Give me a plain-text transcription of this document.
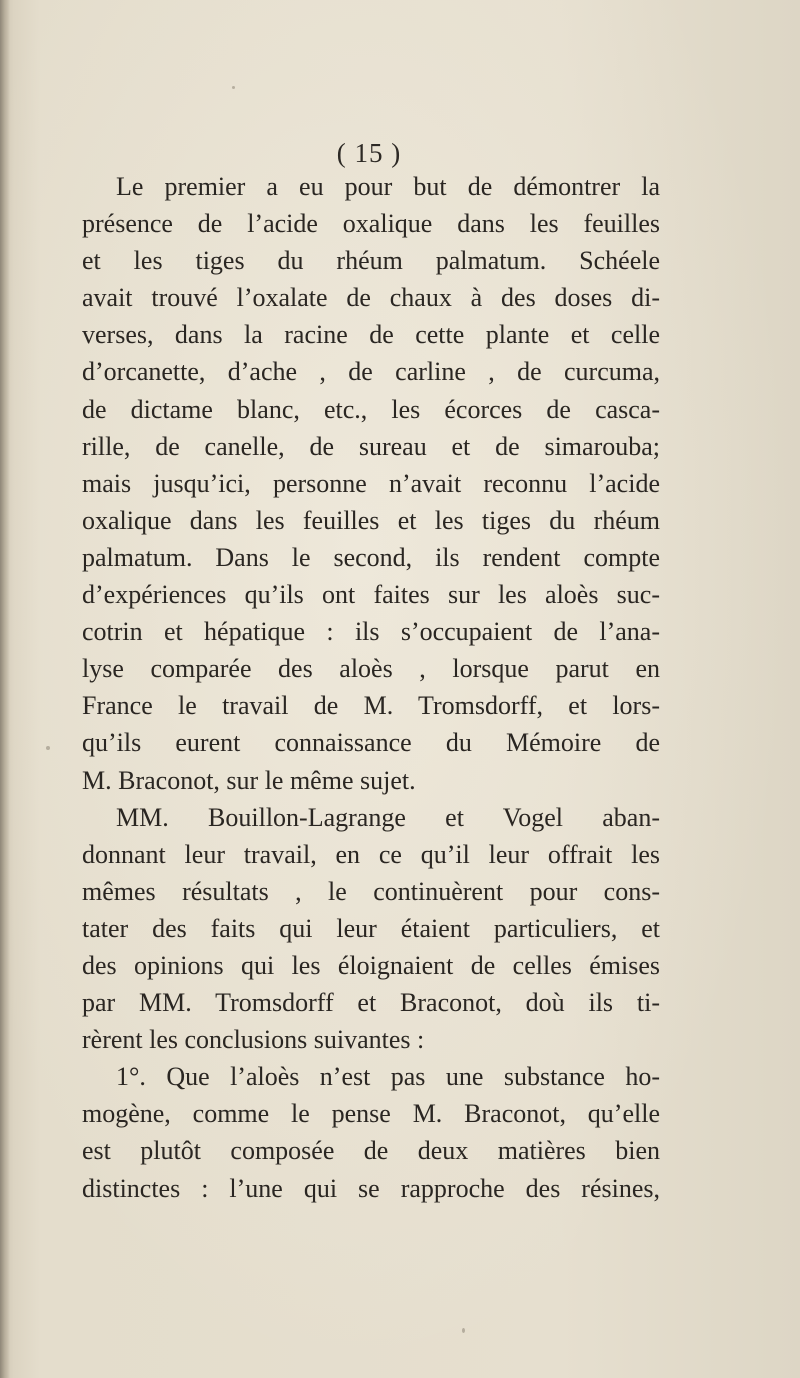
( 15 )
Le premier a eu pour but de démontrer la
présence de l’acide oxalique dans les feuilles
et les tiges du rhéum palmatum. Schéele
avait trouvé l’oxalate de chaux à des doses di-
verses, dans la racine de cette plante et celle
d’orcanette, d’ache , de carline , de curcuma,
de dictame blanc, etc., les écorces de casca-
rille, de canelle, de sureau et de simarouba;
mais jusqu’ici, personne n’avait reconnu l’acide
oxalique dans les feuilles et les tiges du rhéum
palmatum. Dans le second, ils rendent compte
d’expériences qu’ils ont faites sur les aloès suc-
cotrin et hépatique : ils s’occupaient de l’ana-
lyse comparée des aloès , lorsque parut en
France le travail de M. Tromsdorff, et lors-
qu’ils eurent connaissance du Mémoire de
M. Braconot, sur le même sujet.
MM. Bouillon-Lagrange et Vogel aban-
donnant leur travail, en ce qu’il leur offrait les
mêmes résultats , le continuèrent pour cons-
tater des faits qui leur étaient particuliers, et
des opinions qui les éloignaient de celles émises
par MM. Tromsdorff et Braconot, doù ils ti-
rèrent les conclusions suivantes :
1°. Que l’aloès n’est pas une substance ho-
mogène, comme le pense M. Braconot, qu’elle
est plutôt composée de deux matières bien
distinctes : l’une qui se rapproche des résines,
